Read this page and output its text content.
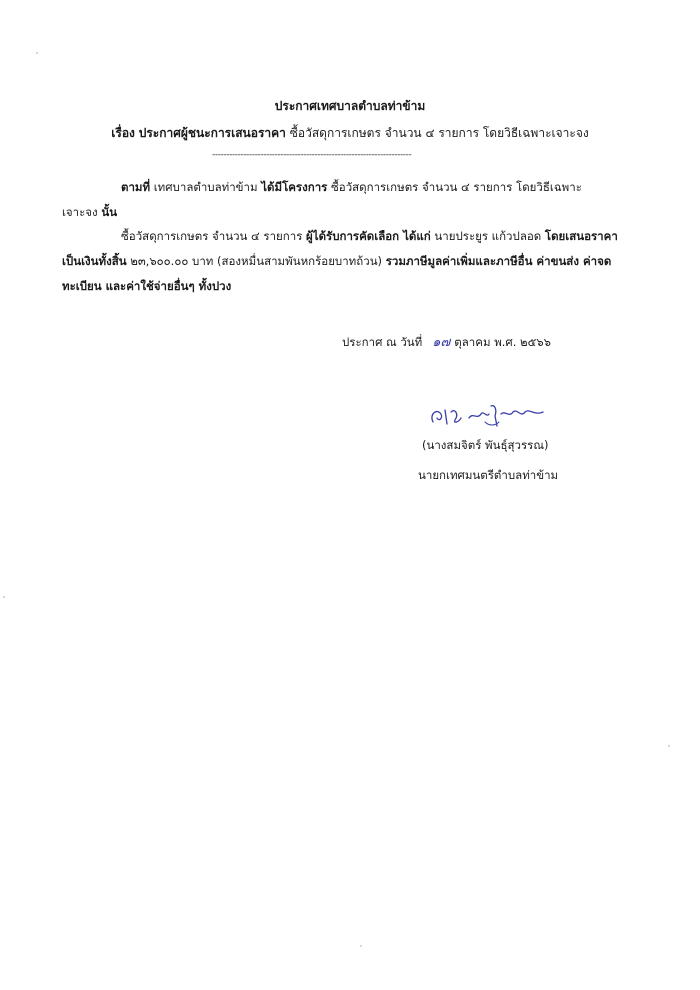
ประกาศเทศบาลตำบลท่าข้าม
เรื่อง ประกาศผู้ชนะการเสนอราคา ซื้อวัสดุการเกษตร จำนวน ๔ รายการ โดยวิธีเฉพาะเจาะจง
----------------------------------------------------------------------
ตามที่ เทศบาลตำบลท่าข้าม ได้มีโครงการ ซื้อวัสดุการเกษตร จำนวน ๔ รายการ โดยวิธีเฉพาะ
เจาะจง นั้น
ซื้อวัสดุการเกษตร จำนวน ๔ รายการ ผู้ได้รับการคัดเลือก ได้แก่ นายประยูร แก้วปลอด โดยเสนอราคา
เป็นเงินทั้งสิ้น ๒๓,๖๐๐.๐๐ บาท (สองหมื่นสามพันหกร้อยบาทถ้วน) รวมภาษีมูลค่าเพิ่มและภาษีอื่น ค่าขนส่ง ค่าจด
ทะเบียน และค่าใช้จ่ายอื่นๆ ทั้งปวง
ประกาศ ณ วันที่ ๑๗ ตุลาคม พ.ศ. ๒๕๖๖
(นางสมจิตร์ พันธุ์สุวรรณ)
นายกเทศมนตรีตำบลท่าข้าม
